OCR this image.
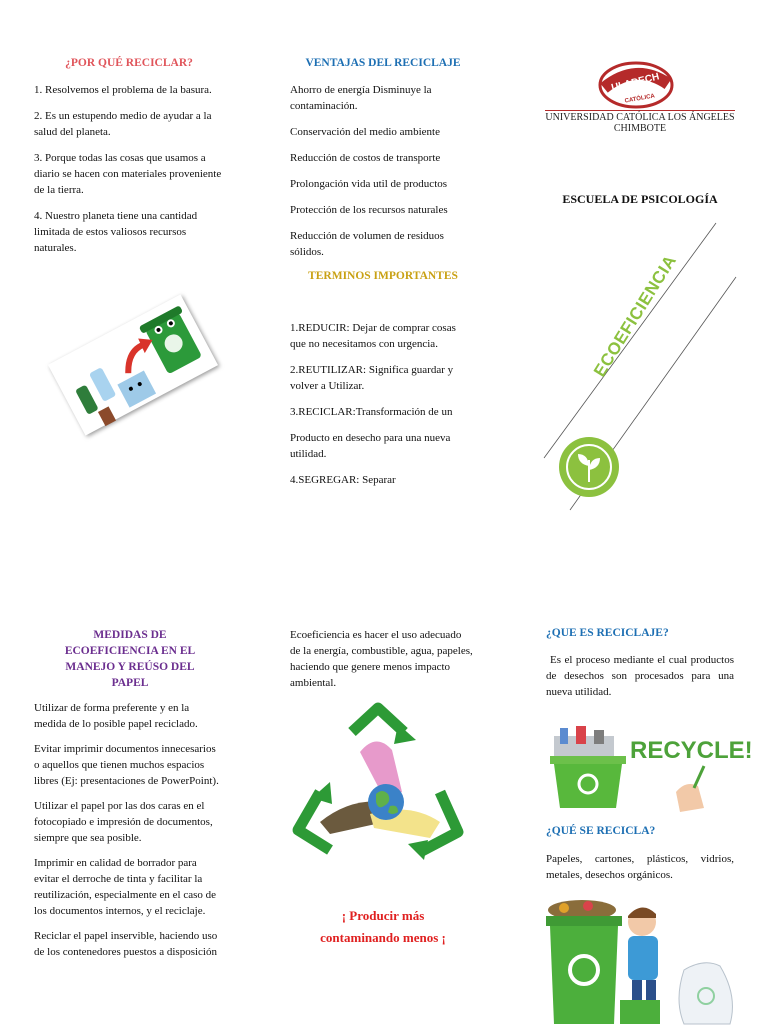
¿POR QUÉ RECICLAR?

1. Resolvemos el problema de la basura.

2. Es un estupendo medio de ayudar a la salud del planeta.

3. Porque todas las cosas que usamos a diario se hacen con materiales proveniente de la tierra.

4. Nuestro planeta tiene una cantidad limitada de estos valiosos recursos naturales.

VENTAJAS DEL RECICLAJE

Ahorro de energía Disminuye la contaminación.

Conservación del medio ambiente

Reducción de costos de transporte

Prolongación vida util de productos

Protección de los recursos naturales

Reducción de volumen de residuos sólidos.

TERMINOS IMPORTANTES

1.REDUCIR: Dejar de comprar cosas que no necesitamos con urgencia.

2.REUTILIZAR: Significa guardar y volver a Utilizar.

3.RECICLAR:Transformación de un

Producto en desecho para una nueva utilidad.

4.SEGREGAR: Separar

ULADECH
CATÓLICA
UNIVERSIDAD CATÓLICA LOS ÁNGELES CHIMBOTE
ESCUELA DE PSICOLOGÍA
ECOEFICIENCIA
MEDIDAS DE ECOEFICIENCIA EN EL MANEJO Y REÚSO DEL PAPEL

Utilizar de forma preferente y en la medida de lo posible papel reciclado.

Evitar imprimir documentos innecesarios o aquellos que tienen muchos espacios libres (Ej: presentaciones de PowerPoint).

Utilizar el papel por las dos caras en el fotocopiado e impresión de documentos, siempre que sea posible.

Imprimir en calidad de borrador para evitar el derroche de tinta y facilitar la reutilización, especialmente en el caso de los documentos internos, y el reciclaje.

Reciclar el papel inservible, haciendo uso de los contenedores puestos a disposición

Ecoeficiencia es hacer el uso adecuado de la energía, combustible, agua, papeles, haciendo que genere menos impacto ambiental.

¡ Producir más
contaminando menos ¡
¿QUE ES RECICLAJE?

Es el proceso mediante el cual productos de desechos son procesados para una nueva utilidad.

RECYCLE!
¿QUÉ SE RECICLA?

Papeles, cartones, plásticos, vidrios, metales, desechos orgánicos.
